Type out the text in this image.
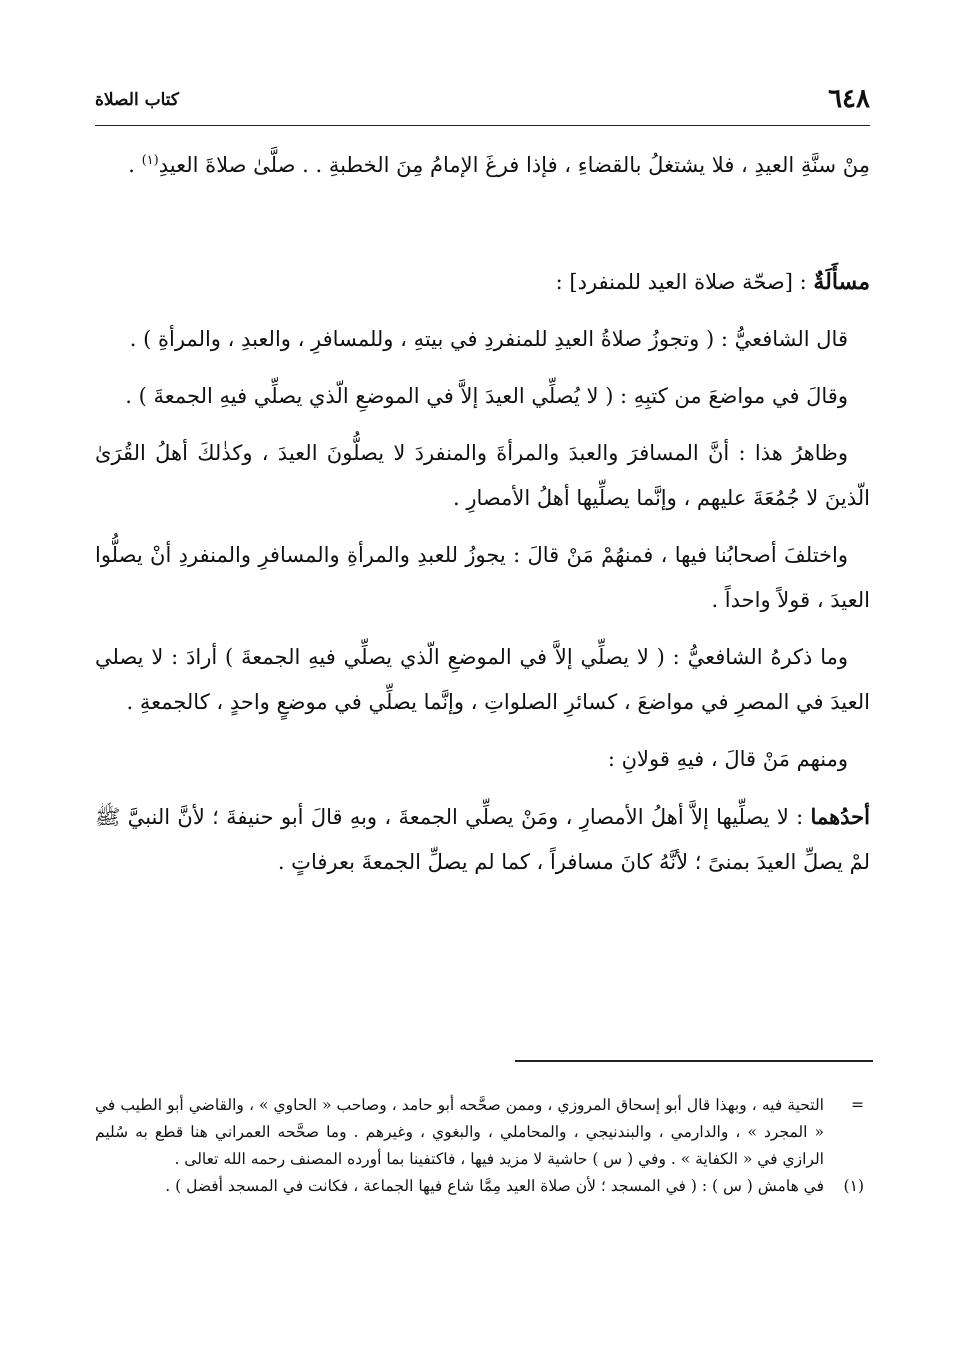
٦٤٨
كتاب الصلاة

مِنْ سنَّةِ العيدِ ، فلا يشتغلُ بالقضاءِ ، فإذا فرغَ الإمامُ مِنَ الخطبةِ . . صلَّىٰ صلاةَ العيدِ$^{(١)}$ .

مسأَلَةٌ : [صحّة صلاة العيد للمنفرد] :

قال الشافعيُّ : ( وتجوزُ صلاةُ العيدِ للمنفردِ في بيتهِ ، وللمسافرِ ، والعبدِ ، والمرأةِ ) .

وقالَ في مواضعَ من كتبِهِ : ( لا يُصلِّي العيدَ إلاَّ في الموضعِ الّذي يصلِّي فيهِ الجمعةَ ) .

وظاهرُ هذا : أنَّ المسافرَ والعبدَ والمرأةَ والمنفردَ لا يصلُّونَ العيدَ ، وكذٰلكَ أهلُ القُرَىٰ الّذينَ لا جُمُعَةَ عليهم ، وإنَّما يصلِّيها أهلُ الأمصارِ .

واختلفَ أصحابُنا فيها ، فمنهُمْ مَنْ قالَ : يجوزُ للعبدِ والمرأةِ والمسافرِ والمنفردِ أنْ يصلُّوا العيدَ ، قولاً واحداً .

وما ذكرهُ الشافعيُّ : ( لا يصلِّي إلاَّ في الموضعِ الّذي يصلِّي فيهِ الجمعةَ ) أرادَ : لا يصلي العيدَ في المصرِ في مواضعَ ، كسائرِ الصلواتِ ، وإنَّما يصلِّي في موضعٍ واحدٍ ، كالجمعةِ .

ومنهم مَنْ قالَ ، فيهِ قولانِ :

أحدُهما : لا يصلِّيها إلاَّ أهلُ الأمصارِ ، ومَنْ يصلِّي الجمعةَ ، وبهِ قالَ أبو حنيفةَ ؛ لأنَّ النبيَّ ﷺ لمْ يصلِّ العيدَ بمنىً ؛ لأنَّهُ كانَ مسافراً ، كما لم يصلِّ الجمعةَ بعرفاتٍ .

=
التحية فيه ، وبهذا قال أبو إسحاق المروزي ، وممن صحَّحه أبو حامد ، وصاحب « الحاوي » ، والقاضي أبو الطيب في « المجرد » ، والدارمي ، والبندنيجي ، والمحاملي ، والبغوي ، وغيرهم . وما صحَّحه العمراني هنا قطع به سُليم الرازي في « الكفاية » . وفي ( س ) حاشية لا مزيد فيها ، فاكتفينا بما أورده المصنف رحمه الله تعالى .
(١)
في هامش ( س ) : ( في المسجد ؛ لأن صلاة العيد مِمَّا شاع فيها الجماعة ، فكانت في المسجد أفضل ) .
